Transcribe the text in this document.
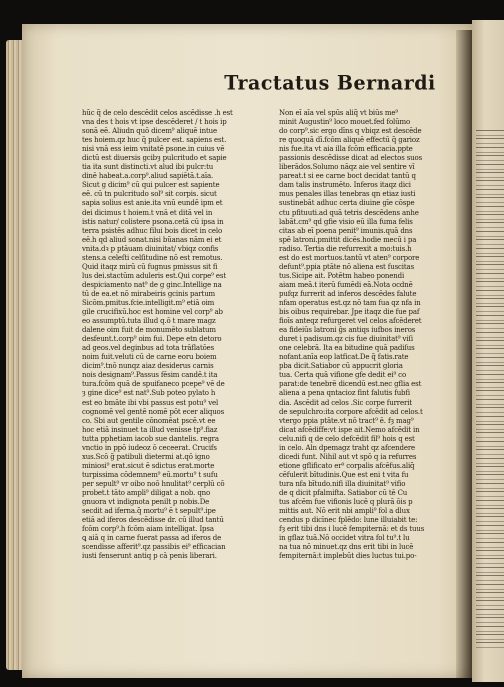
Tractatus Bernardi
hŭc q̃ de celo descēdit celos ascēdisse .h est
vna des t hois vt ipse descēderet / t hois ip
sonā eē. Aliudn quō dicem⁹ aliquē intue
tes hoiem.qz huc q̃ pulcer est. sapiens est.
nisi vnā ess ieim vnitatē psone.in cuius vē
dictū est diuersis gcibȝ pulcritudo et sapie
tia ita sunt distincti.vt alud ibi pulcr:tu
dinē habeat.a.corp⁹.aliud sapiētā.t.aīa.
Sicut g dicim⁹ cū qui pulcer est sapiente
eē. cū tn pulcritudo sol⁹ sit corpis. sicut
sapia solius est anie.ita vnū eundē ipm et
dei dicimus t hoiem.t vnā et ditā vel in
istis natur/ colistere psona.cetā cū ipsa in
terra psistēs adhuc filui bois dicet in celo
eē.h qd aliud sonat.nisi bũanas nām ei et
vnita.dꝛ p ptāuam diuinitat/ vbiqz confis
stens.a celeſti celſitudine nō est remotus.
Quid itaqz mirū cū fugnus pmissus sit fi
lus dei.stactūm aduleris est.Qui corpe⁹ est
despiciamento nat⁹ de g ginc.Intellige na
tū de ea.et nō mirabeiris gcinis partum
Sicōm.pmitus.fcie.intelligit.m⁹ etiā oim
gile crucifixū.hoc est homine vel corp⁹ ab
eo assumptū.tuta illud q.ō t mare magz
dalene oim fuit de monumēto sublatum
desfeunt.t.corp⁹ oim fui. Depe etn detoro
ad geos.vel deginbus ad tota trāflatōes
noim fuit.veluti cū de carne eoru boiem
dicim⁹.tnō nunqz aiaz desiderus carnis
nois designam⁹.Passus fēsim candē.t ita
tura.fcōm quā de spuifaneco pcepe⁹ vē de
ȝ gine dice⁹ est nat⁹.Sub poteo pylato h
est eo bmāte ibi vbi passus est potu⁹ vel
cognomē vel gentē nomē pōt ecer aliquos
co. Sbi aut gentile cōnomēat pscē.vt ee
hoc etiā insinuet ta illud venisse tp⁹.fiaz
tutta pphetiam iacob sue dantelis. regra
vnctio in ppō iudeoz ō ceceerat. Crucifs
xus.Scō g̃ patibuli dietermi at.qō igno
miniosi⁹ erat.sicut ē sdictus erat.morte
turpissima cōdemnem⁹ eū.mortu⁹ t sufu
per sepult⁹ vr oibo noō hnulitat⁹ cerplū cō
probet.t tāto ampli⁹ diligat a nob. qno
gnuora vt indignota penilt p nobis.De
secdit ad iferna.q̃ mortu⁹ ē t sepult⁹.ipe
etiā ad iferos descēdisse dr. cū illud tantū
fcōm corp⁹.h fcōm aiam intelligat. Ipsa
ꝗ aiā q in carne fuerat passa ad iferos de
scendisse afferit⁹.qz passibis ei⁹ efficacian
iusti fenserunt antiq p cā penis liberari.
Non eī aīa vel spūs aliq̃ vt biūs me⁹
minit Augustin⁹ loco mouet.fed folūmo
do corp⁹.sic ergo dīns q vbiqz est descēde
re quoquā dī.fcōm aliquē effectū q̃ garioz
nis fue.ita vt aia illa fcōm efficacia.ppte
passionis descēdisse dicat ad electos suos
liberādos.Solumo nāqz aie vel sentire vī
pareat.t si ee carne boct decidat tantū q
dam talis instrumēto. Inferos itaqz dici
mus penales illas tenebras qn etiaz iusti
sustinebāt adhuc certa diuine gīe cōspe
ctu pfituuti.ad quā tetris descēdens anhe
labāt.cm⁹ qd gfie visio eū illa fuma felis
citas ab eī poena penit⁹ imunis.quā dns
spē latroni.pmittit dicēs.hodie mecū i pa
radiso. Tertia die refurrexit a mo:tuis.h
est do est mortuos.tantū vt aten⁹ corpore
defunt⁹.ppia ptāte nō aliena est fuscitas
tus.Sicipe ait. Potētm habeo ponendi
aiam meā.t iterū fumēdi eā.Nota ocdnē
pufqz furrerit ad inferos descēdes falute
nfam operatus est.qz nō tam fua qz nfa in
bis oibus requirebar. Jpe itaqz die fue paf
fioīs anteqz refurgeret vel celos afcēderet
ea fideiūs latroni ĝs antiqs iufbos ineros
duret i padisum.qz cis fue diuinitat⁹ viſi
one celebrā. Ita ea bitudine quā padiſus
nofant.anīa eop latficat.De q̃ fatis.rate
pba dicit.Satiabor cū appucrit gloria
tua. Certa quā vifione gfe dedit ei⁹ co
parat:de tenebrē dicendū est.nec gflia est
aliena a pena qntacioz fint falutis fubfi
dia. Ascēdit ad celos .Sic corpe furrerit
de sepulchro:ita corpore afcēdit ad celos.t
vtergo ppia ptāte.vt nō tract⁹ ē. fȝ mag⁹
dicat afcēdiffe:vt ispe ait.Nemo afcēdit in
celu.nifi q de celo defcēdit fil⁹ hois q est
in celo. Aln dpemagz traht qz afcendere
dicedi funt. Nihil aut vt spō q ia refurres
etione gflificato er⁹ corpalis afcēfus.aliq̃
cēfulerit bītudinis.Que est eni t vita fu
tura nfa bītudo.nifi illa diuinitat⁹ vifio
de q dicit pfalmifta. Satiabor cū tē Cu
tus afcēm fue vifionis lucē q plurā ōis p
mittis aut. Nō erit nbi ampli⁹ fol a dlux
cendus p dicīnec fplēdo: lune illuiabit te:
fȝ erit tibi dns i lucē fempiternā: et ds tuus
in gflaz tuā.Nō occidet vitra fol tu⁹.t lu
na tua nō minuet.qz dns erit tibi in lucē
fempiternā:t implebūt dies luctus tui.po-
